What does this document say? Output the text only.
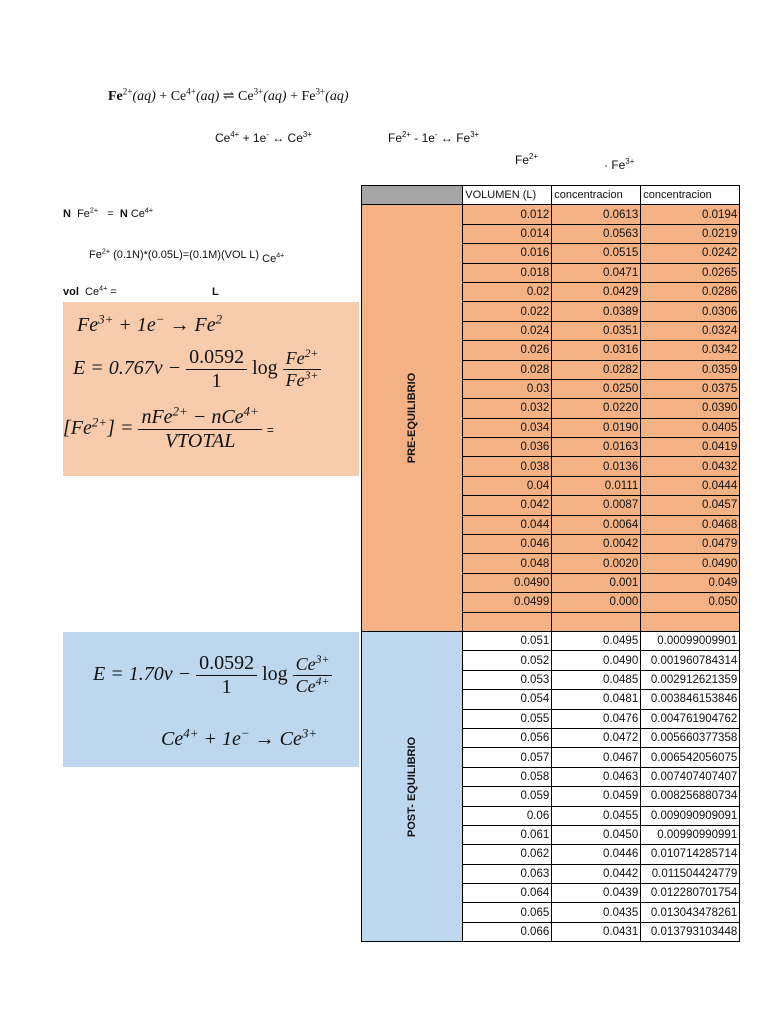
$Fe^{2+}(aq) + Ce^{4+}(aq)$ ⇌ $Ce^{3+}(aq) + Fe^{3+}(aq)$
$Ce^{4+} + 1e^-$ ↔ $Ce^{3+}$	$Fe^{2+} - 1e^-$ ↔ $Fe^{3+}$
$Fe^{2+}$
· $Fe^{3+}$
N $Fe^{2+} = N$ $Ce^{4+}$
$Fe^{2+}$ (0.1N)*(0.05L)=(0.1M)(VOL L) $Ce^{4+}$
vol $Ce^{4+}$ =	L
$Fe^{3+} + 1e^- \to Fe^2$
$E = 0.767v - \frac{0.0592}{1}$ $\log \frac{Fe^{2+}}{Fe^{3+}}$
$[Fe^{2+}] = \frac{nFe^{2+} - nCe^{4+}}{\text{VTOTAL}}$ =
$E = 1.70v - \frac{0.0592}{1}$ $\log \frac{Ce^{3+}}{Ce^{4+}}$
$Ce^{4+} + 1e^- \to Ce^{3+}$
	VOLUMEN (L)	concentracion	concentracion
PRE-EQUILIBRIO	0.012	0.0613	0.0194
	0.014	0.0563	0.0219
	0.016	0.0515	0.0242
	0.018	0.0471	0.0265
	0.02	0.0429	0.0286
	0.022	0.0389	0.0306
	0.024	0.0351	0.0324
	0.026	0.0316	0.0342
	0.028	0.0282	0.0359
	0.03	0.0250	0.0375
	0.032	0.0220	0.0390
	0.034	0.0190	0.0405
	0.036	0.0163	0.0419
	0.038	0.0136	0.0432
	0.04	0.0111	0.0444
	0.042	0.0087	0.0457
	0.044	0.0064	0.0468
	0.046	0.0042	0.0479
	0.048	0.0020	0.0490
	0.0490	0.001	0.049
	0.0499	0.000	0.050

POST- EQUILIBRIO	0.051	0.0495	0.00099009901
	0.052	0.0490	0.001960784314
	0.053	0.0485	0.002912621359
	0.054	0.0481	0.003846153846
	0.055	0.0476	0.004761904762
	0.056	0.0472	0.005660377358
	0.057	0.0467	0.006542056075
	0.058	0.0463	0.007407407407
	0.059	0.0459	0.008256880734
	0.06	0.0455	0.009090909091
	0.061	0.0450	0.00990990991
	0.062	0.0446	0.010714285714
	0.063	0.0442	0.011504424779
	0.064	0.0439	0.012280701754
	0.065	0.0435	0.013043478261
	0.066	0.0431	0.013793103448
